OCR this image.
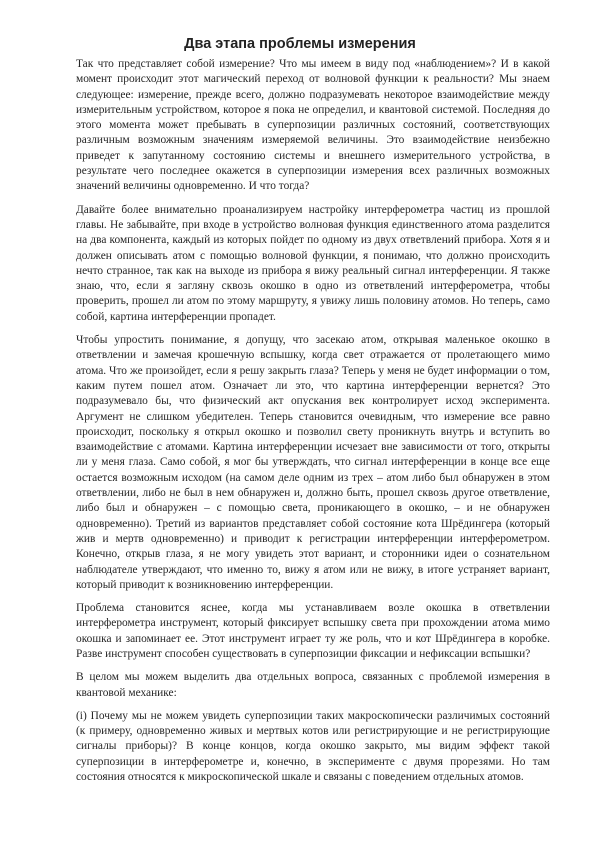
Два этапа проблемы измерения

Так что представляет собой измерение? Что мы имеем в виду под «наблюдением»? И в какой момент происходит этот магический переход от волновой функции к реальности? Мы знаем следующее: измерение, прежде всего, должно подразумевать некоторое взаимодействие между измерительным устройством, которое я пока не определил, и квантовой системой. Последняя до этого момента может пребывать в суперпозиции различных состояний, соответствующих различным возможным значениям измеряемой величины. Это взаимодействие неизбежно приведет к запутанному состоянию системы и внешнего измерительного устройства, в результате чего последнее окажется в суперпозиции измерения всех различных возможных значений величины одновременно. И что тогда?

Давайте более внимательно проанализируем настройку интерферометра частиц из прошлой главы. Не забывайте, при входе в устройство волновая функция единственного атома разделится на два компонента, каждый из которых пойдет по одному из двух ответвлений прибора. Хотя я и должен описывать атом с помощью волновой функции, я понимаю, что должно происходить нечто странное, так как на выходе из прибора я вижу реальный сигнал интерференции. Я также знаю, что, если я загляну сквозь окошко в одно из ответвлений интерферометра, чтобы проверить, прошел ли атом по этому маршруту, я увижу лишь половину атомов. Но теперь, само собой, картина интерференции пропадет.

Чтобы упростить понимание, я допущу, что засекаю атом, открывая маленькое окошко в ответвлении и замечая крошечную вспышку, когда свет отражается от пролетающего мимо атома. Что же произойдет, если я решу закрыть глаза? Теперь у меня не будет информации о том, каким путем пошел атом. Означает ли это, что картина интерференции вернется? Это подразумевало бы, что физический акт опускания век контролирует исход эксперимента. Аргумент не слишком убедителен. Теперь становится очевидным, что измерение все равно происходит, поскольку я открыл окошко и позволил свету проникнуть внутрь и вступить во взаимодействие с атомами. Картина интерференции исчезает вне зависимости от того, открыты ли у меня глаза. Само собой, я мог бы утверждать, что сигнал интерференции в конце все еще остается возможным исходом (на самом деле одним из трех – атом либо был обнаружен в этом ответвлении, либо не был в нем обнаружен и, должно быть, прошел сквозь другое ответвление, либо был и обнаружен – с помощью света, проникающего в окошко, – и не обнаружен одновременно). Третий из вариантов представляет собой состояние кота Шрёдингера (который жив и мертв одновременно) и приводит к регистрации интерференции интерферометром. Конечно, открыв глаза, я не могу увидеть этот вариант, и сторонники идеи о сознательном наблюдателе утверждают, что именно то, вижу я атом или не вижу, в итоге устраняет вариант, который приводит к возникновению интерференции.

Проблема становится яснее, когда мы устанавливаем возле окошка в ответвлении интерферометра инструмент, который фиксирует вспышку света при прохождении атома мимо окошка и запоминает ее. Этот инструмент играет ту же роль, что и кот Шрёдингера в коробке. Разве инструмент способен существовать в суперпозиции фиксации и нефиксации вспышки?

В целом мы можем выделить два отдельных вопроса, связанных с проблемой измерения в квантовой механике:

(i) Почему мы не можем увидеть суперпозиции таких макроскопически различимых состояний (к примеру, одновременно живых и мертвых котов или регистрирующие и не регистрирующие сигналы приборы)? В конце концов, когда окошко закрыто, мы видим эффект такой суперпозиции в интерферометре и, конечно, в эксперименте с двумя прорезями. Но там состояния относятся к микроскопической шкале и связаны с поведением отдельных атомов.
